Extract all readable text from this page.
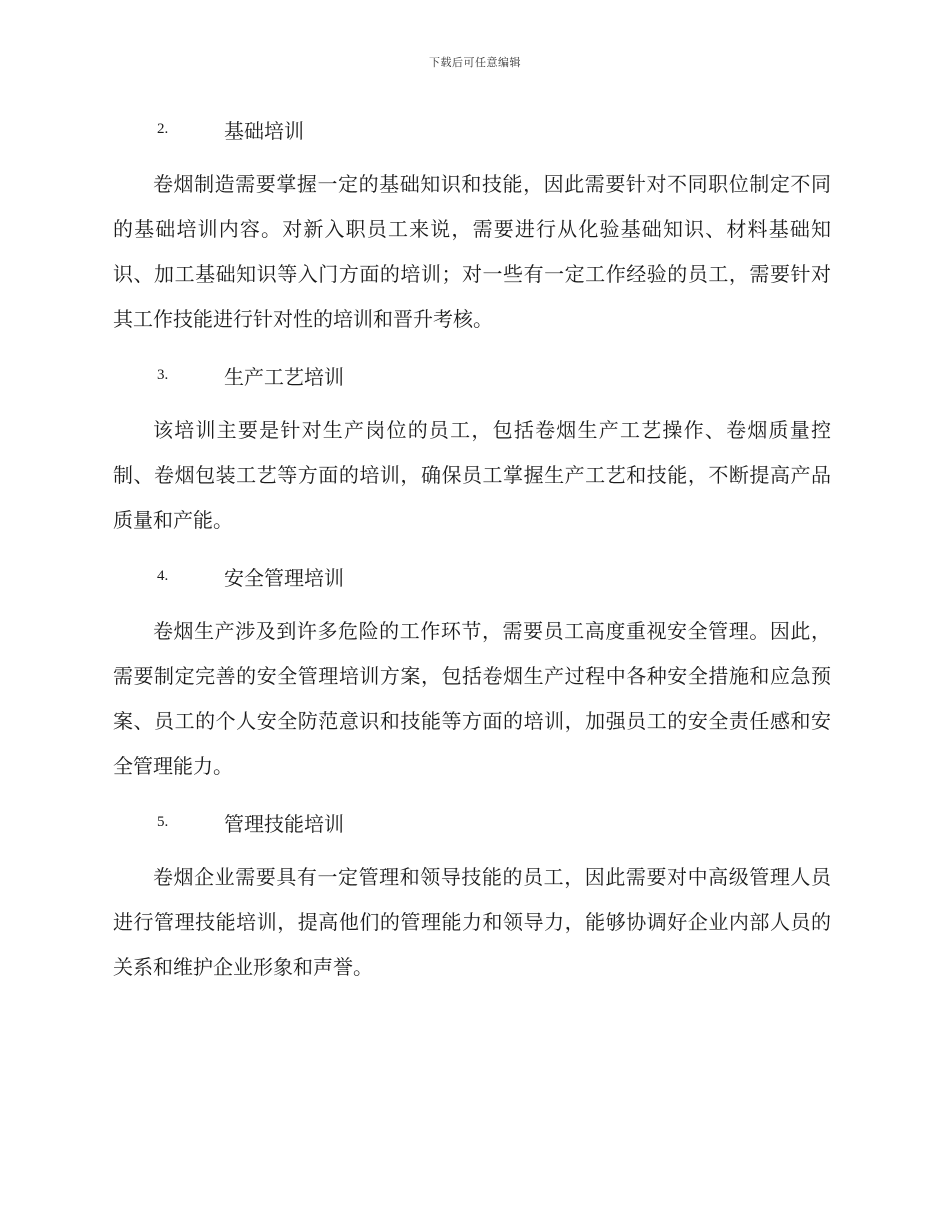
下载后可任意编辑
2.	基础培训

卷烟制造需要掌握一定的基础知识和技能，因此需要针对不同职位制定不同的基础培训内容。对新入职员工来说，需要进行从化验基础知识、材料基础知识、加工基础知识等入门方面的培训；对一些有一定工作经验的员工，需要针对其工作技能进行针对性的培训和晋升考核。

3.	生产工艺培训

该培训主要是针对生产岗位的员工，包括卷烟生产工艺操作、卷烟质量控制、卷烟包装工艺等方面的培训，确保员工掌握生产工艺和技能，不断提高产品质量和产能。

4.	安全管理培训

卷烟生产涉及到许多危险的工作环节，需要员工高度重视安全管理。因此，需要制定完善的安全管理培训方案，包括卷烟生产过程中各种安全措施和应急预案、员工的个人安全防范意识和技能等方面的培训，加强员工的安全责任感和安全管理能力。

5.	管理技能培训

卷烟企业需要具有一定管理和领导技能的员工，因此需要对中高级管理人员进行管理技能培训，提高他们的管理能力和领导力，能够协调好企业内部人员的关系和维护企业形象和声誉。
